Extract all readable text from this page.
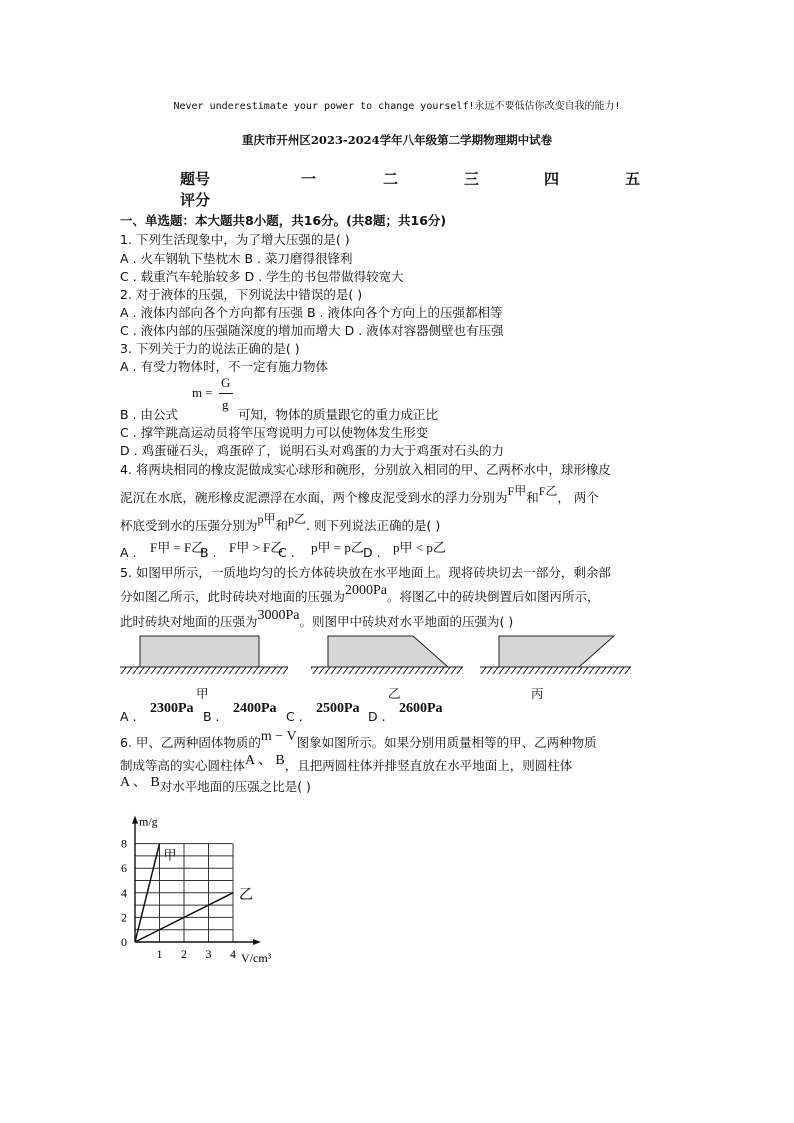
Never underestimate your power to change yourself!永远不要低估你改变自我的能力!
重庆市开州区2023-2024学年八年级第二学期物理期中试卷
题号	一	二	三	四	五
评分
一、单选题：本大题共8小题，共16分。(共8题；共16分)
1. 下列生活现象中，为了增大压强的是( )
A . 火车钢轨下垫枕木 B . 菜刀磨得很锋利
C . 载重汽车轮胎较多 D . 学生的书包带做得较宽大
2. 对于液体的压强，下列说法中错误的是( )
A . 液体内部向各个方向都有压强 B . 液体向各个方向上的压强都相等
C . 液体内部的压强随深度的增加而增大 D . 液体对容器侧壁也有压强
3. 下列关于力的说法正确的是( )
A . 有受力物体时，不一定有施力物体
m =
G
g
B . 由公式	可知，物体的质量跟它的重力成正比
C . 撑竿跳高运动员将竿压弯说明力可以使物体发生形变
D . 鸡蛋碰石头，鸡蛋碎了，说明石头对鸡蛋的力大于鸡蛋对石头的力
4. 将两块相同的橡皮泥做成实心球形和碗形，分别放入相同的甲、乙两杯水中，球形橡皮
泥沉在水底，碗形橡皮泥漂浮在水面，两个橡皮泥受到水的浮力分别为F甲和F乙， 两个
杯底受到水的压强分别为p甲和p乙. 则下列说法正确的是( )
A . F甲 = F乙
B . F甲 > F乙
C . p甲 = p乙 D . p甲 < p乙
5. 如图甲所示，一质地均匀的长方体砖块放在水平地面上。现将砖块切去一部分，剩余部
分如图乙所示，此时砖块对地面的压强为2000Pa。将图乙中的砖块倒置后如图丙所示，
此时砖块对地面的压强为3000Pa。则图甲中砖块对水平地面的压强为( )
甲	乙	丙
A .
2300Pa
B .
2400Pa
C .
2500Pa
D .
2600Pa
6. 甲、乙两种固体物质的m − V图象如图所示。如果分别用质量相等的甲、乙两种物质
制成等高的实心圆柱体A 、 B，且把两圆柱体并排竖直放在水平地面上，则圆柱体
A 、 B对水平地面的压强之比是( )
1 2 3 4
0
2
4
6
8
m/g
V/cm³
甲
乙
